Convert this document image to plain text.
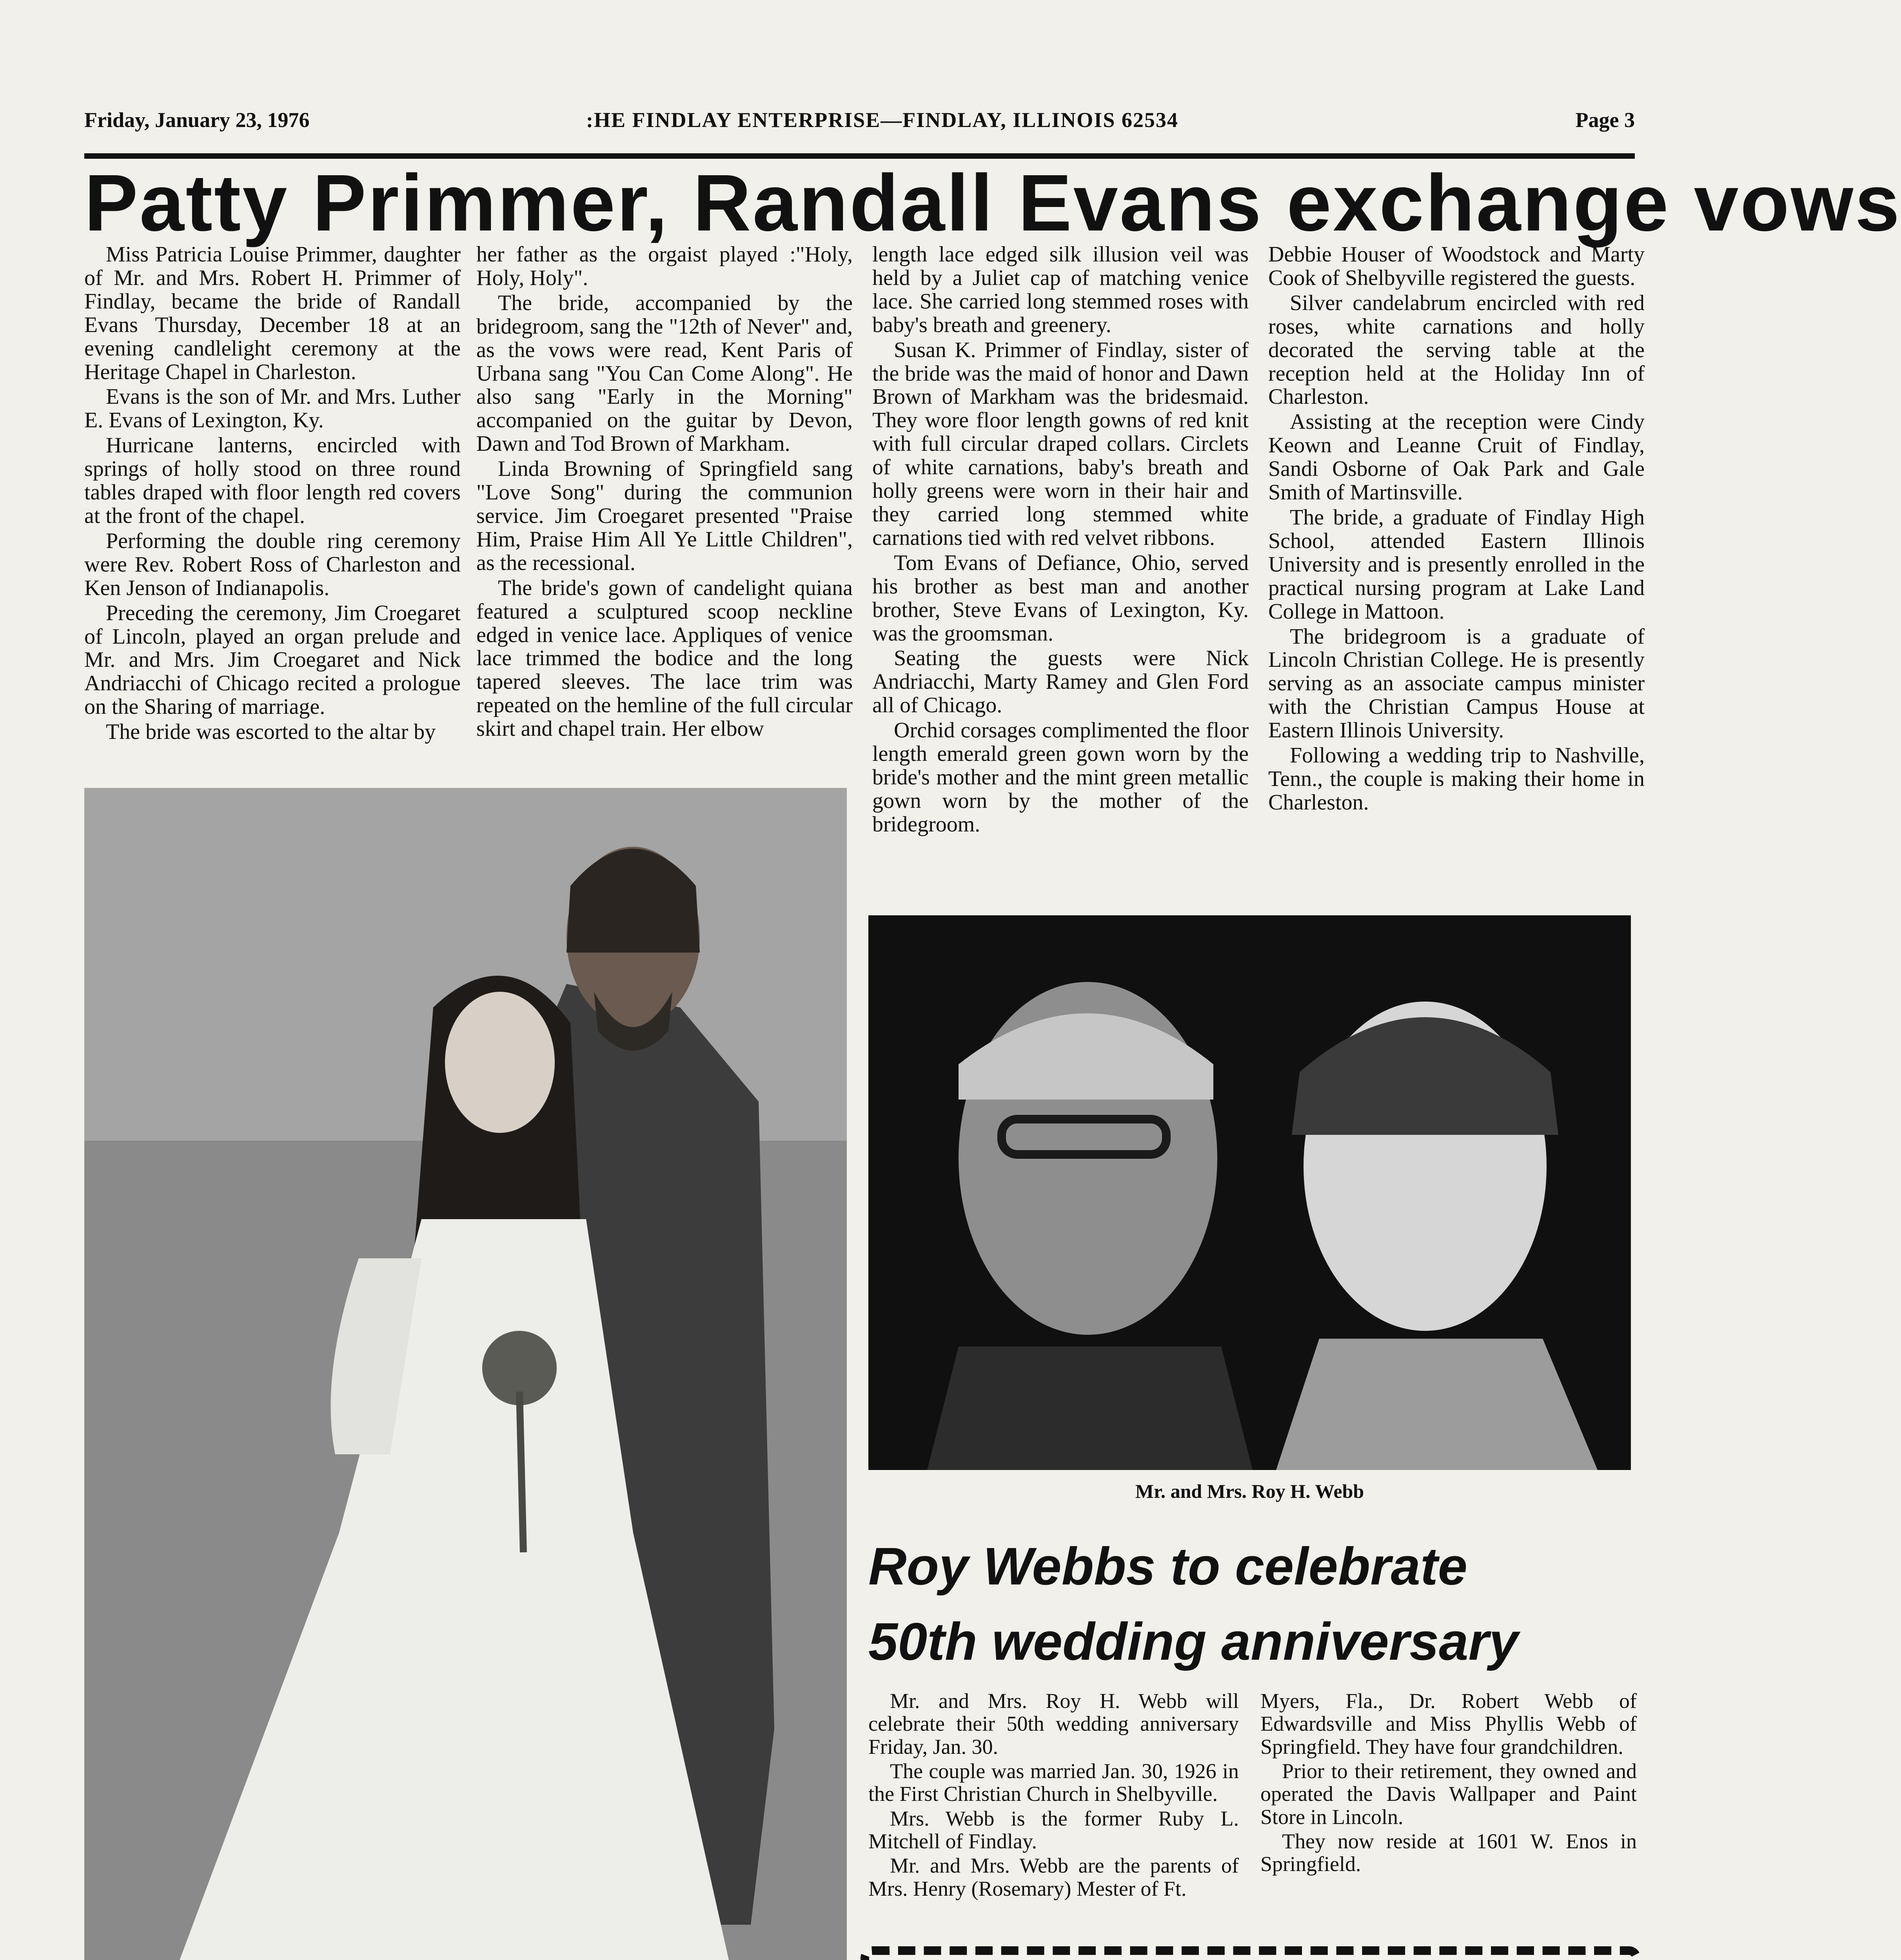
Friday, January 23, 1976	:HE FINDLAY ENTERPRISE—FINDLAY, ILLINOIS 62534	Page 3
Patty Primmer, Randall Evans exchange vows

Miss Patricia Louise Primmer, daughter of Mr. and Mrs. Robert H. Primmer of Findlay, became the bride of Randall Evans Thursday, December 18 at an evening candlelight ceremony at the Heritage Chapel in Charleston.

Evans is the son of Mr. and Mrs. Luther E. Evans of Lexington, Ky.

Hurricane lanterns, encircled with springs of holly stood on three round tables draped with floor length red covers at the front of the chapel.

Performing the double ring ceremony were Rev. Robert Ross of Charleston and Ken Jenson of Indianapolis.

Preceding the ceremony, Jim Croegaret of Lincoln, played an organ prelude and Mr. and Mrs. Jim Croegaret and Nick Andriacchi of Chicago recited a prologue on the Sharing of marriage.

The bride was escorted to the altar by

her father as the orgaist played :"Holy, Holy, Holy".

The bride, accompanied by the bridegroom, sang the "12th of Never" and, as the vows were read, Kent Paris of Urbana sang "You Can Come Along". He also sang "Early in the Morning" accompanied on the guitar by Devon, Dawn and Tod Brown of Markham.

Linda Browning of Springfield sang "Love Song" during the communion service. Jim Croegaret presented "Praise Him, Praise Him All Ye Little Children", as the recessional.

The bride's gown of candelight quiana featured a sculptured scoop neckline edged in venice lace. Appliques of venice lace trimmed the bodice and the long tapered sleeves. The lace trim was repeated on the hemline of the full circular skirt and chapel train. Her elbow

length lace edged silk illusion veil was held by a Juliet cap of matching venice lace. She carried long stemmed roses with baby's breath and greenery.

Susan K. Primmer of Findlay, sister of the bride was the maid of honor and Dawn Brown of Markham was the bridesmaid. They wore floor length gowns of red knit with full circular draped collars. Circlets of white carnations, baby's breath and holly greens were worn in their hair and they carried long stemmed white carnations tied with red velvet ribbons.

Tom Evans of Defiance, Ohio, served his brother as best man and another brother, Steve Evans of Lexington, Ky. was the groomsman.

Seating the guests were Nick Andriacchi, Marty Ramey and Glen Ford all of Chicago.

Orchid corsages complimented the floor length emerald green gown worn by the bride's mother and the mint green metallic gown worn by the mother of the bridegroom.

Debbie Houser of Woodstock and Marty Cook of Shelbyville registered the guests.

Silver candelabrum encircled with red roses, white carnations and holly decorated the serving table at the reception held at the Holiday Inn of Charleston.

Assisting at the reception were Cindy Keown and Leanne Cruit of Findlay, Sandi Osborne of Oak Park and Gale Smith of Martinsville.

The bride, a graduate of Findlay High School, attended Eastern Illinois University and is presently enrolled in the practical nursing program at Lake Land College in Mattoon.

The bridegroom is a graduate of Lincoln Christian College. He is presently serving as an associate campus minister with the Christian Campus House at Eastern Illinois University.

Following a wedding trip to Nashville, Tenn., the couple is making their home in Charleston.

Mr. and Mrs. Roy H. Webb
Roy Webbs to celebrate
50th wedding anniversary

Mr. and Mrs. Roy H. Webb will celebrate their 50th wedding anniversary Friday, Jan. 30.

The couple was married Jan. 30, 1926 in the First Christian Church in Shelbyville.

Mrs. Webb is the former Ruby L. Mitchell of Findlay.

Mr. and Mrs. Webb are the parents of Mrs. Henry (Rosemary) Mester of Ft.

Myers, Fla., Dr. Robert Webb of Edwardsville and Miss Phyllis Webb of Springfield. They have four grandchildren.

Prior to their retirement, they owned and operated the Davis Wallpaper and Paint Store in Lincoln.

They now reside at 1601 W. Enos in Springfield.
